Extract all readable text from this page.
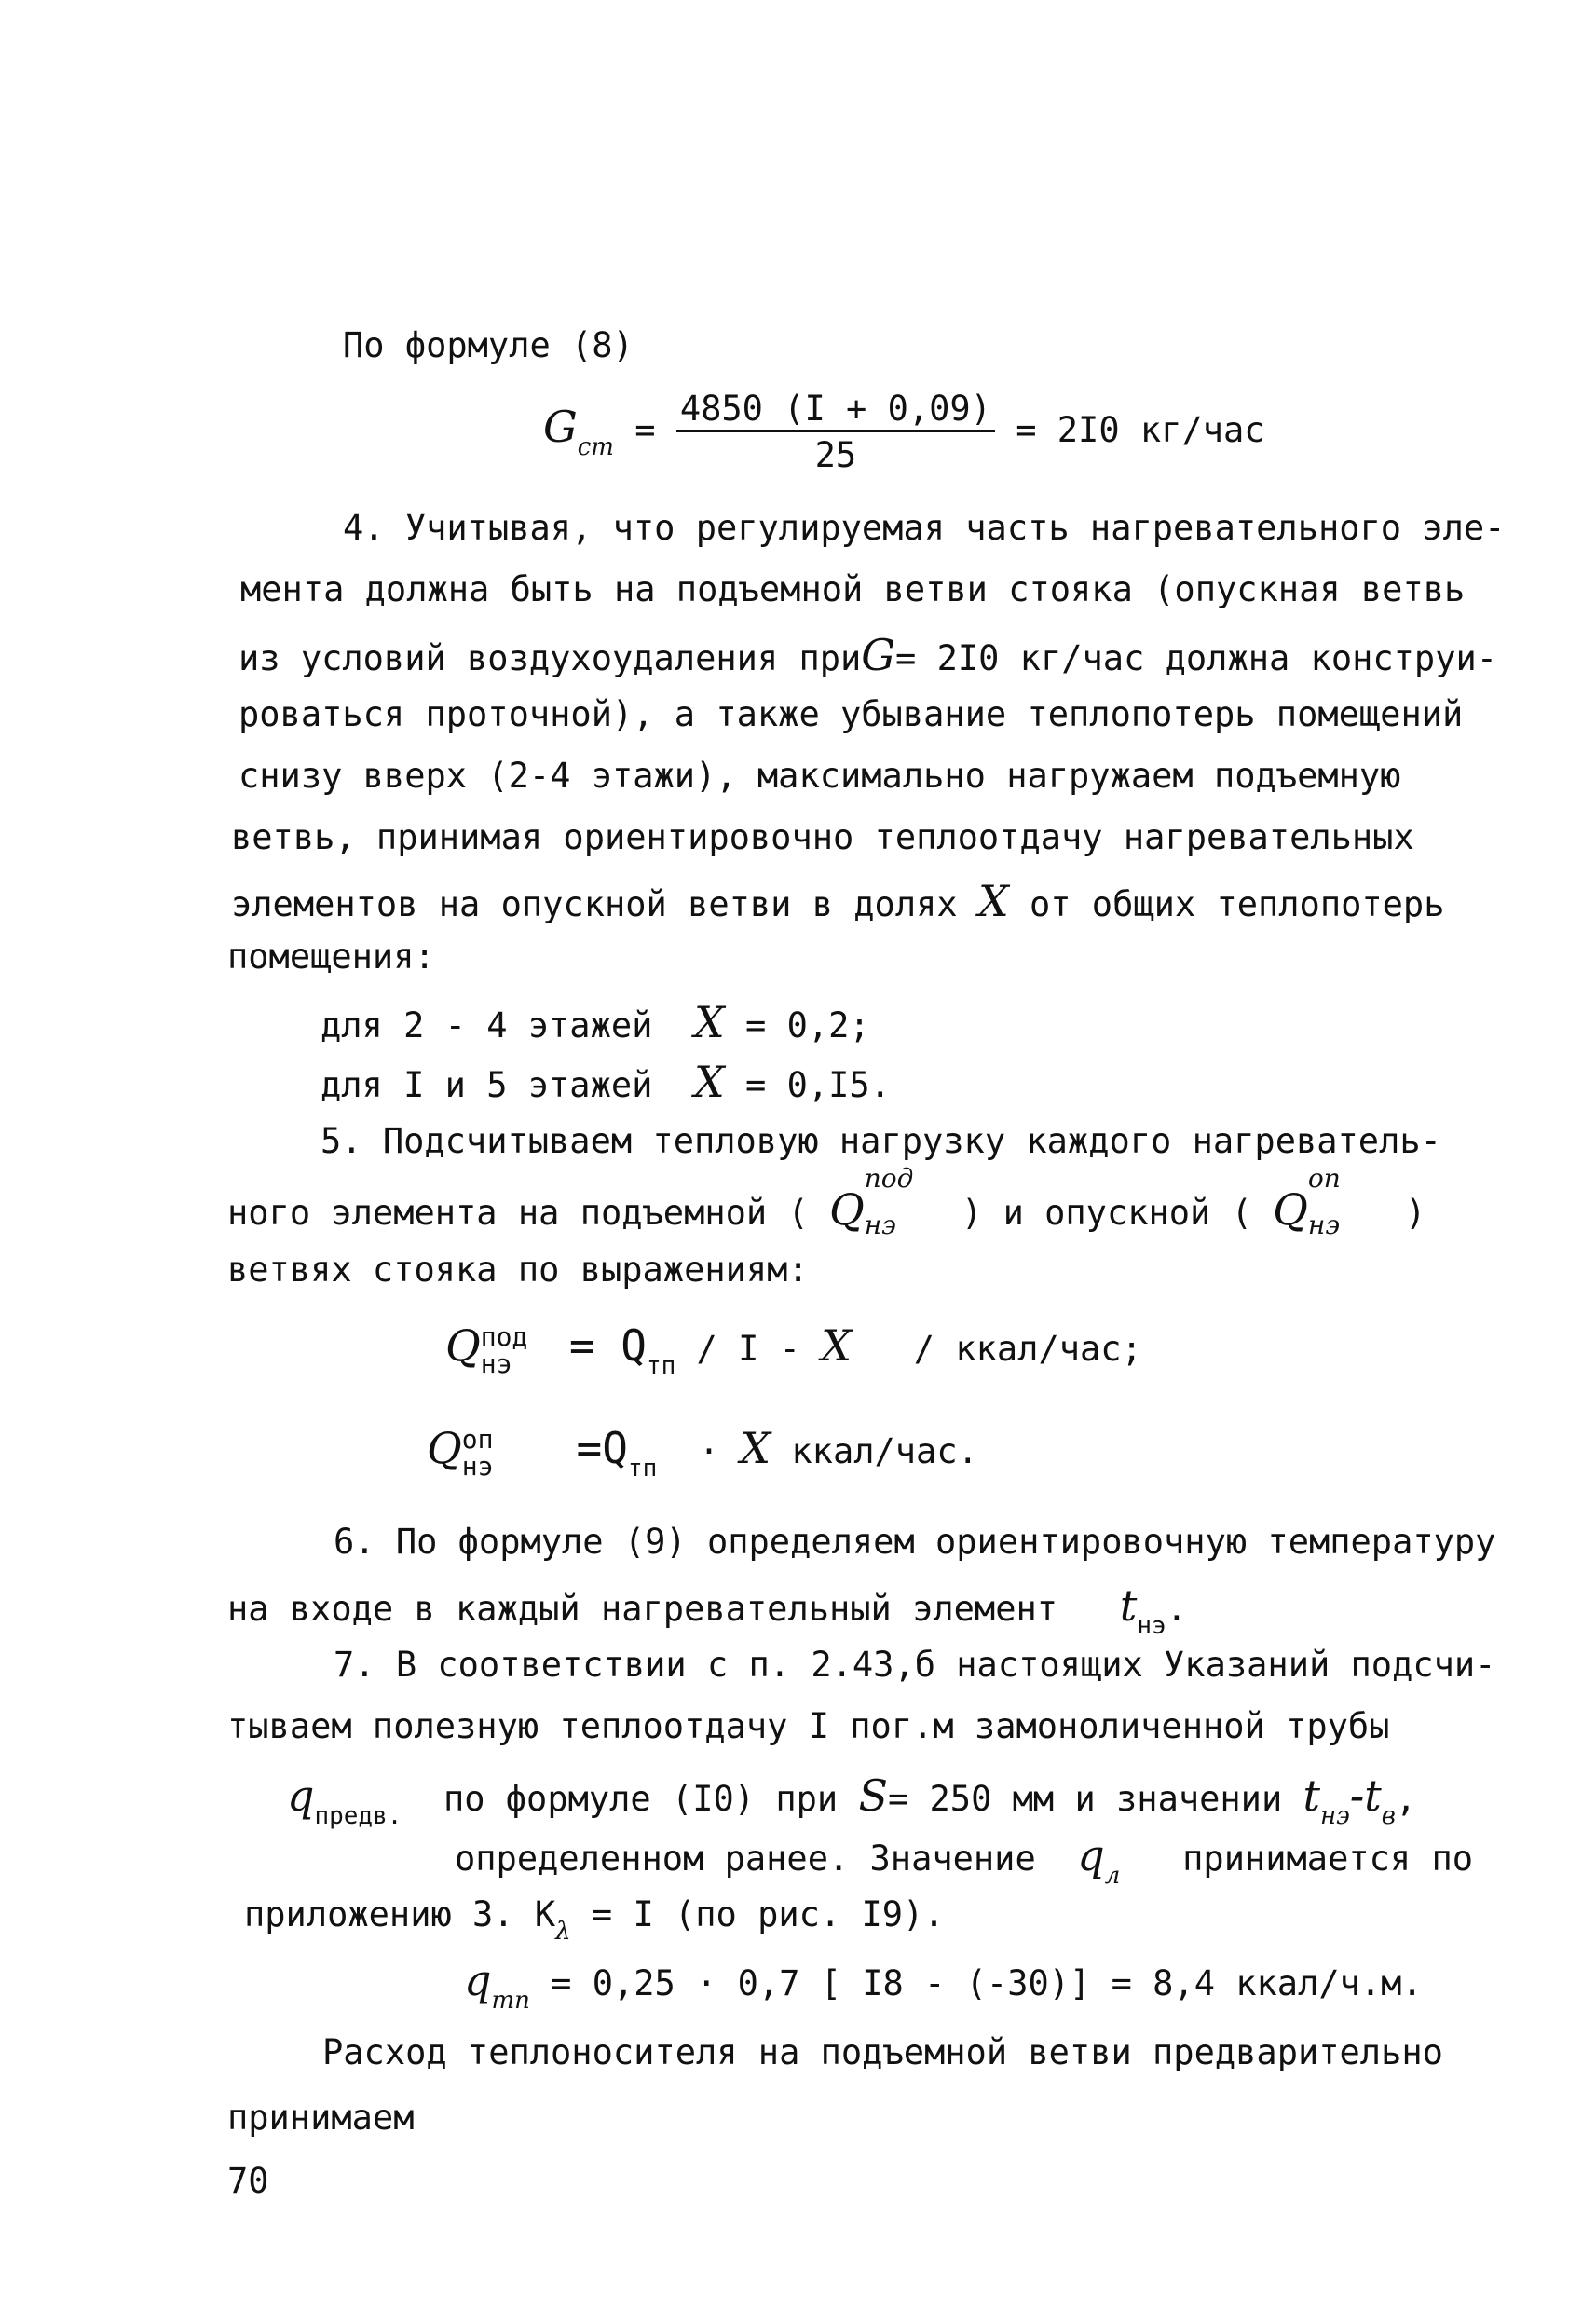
По формуле (8)
$G_{ст} = \frac{4850 (I + 0,09)}{25} = 2I0$ кг/час
4. Учитывая, что регулируемая часть нагревательного эле-
мента должна быть на подъемной ветви стояка (опускная ветвь
из условий воздухоудаления приG= 2I0 кг/час должна конструи-
роваться проточной), а также убывание теплопотерь помещений
снизу вверх (2-4 этажи), максимально нагружаем подъемную
ветвь, принимая ориентировочно теплоотдачу нагревательных
элементов на опускной ветви в долях X от общих теплопотерь
помещения:
для 2 - 4 этажей X = 0,2;
для I и 5 этажей X = 0,I5.
5. Подсчитываем тепловую нагрузку каждого нагреватель-
ного элемента на подъемной ( Q
под
нэ ) и опускной ( Q
оп
нэ )
ветвях стояка по выражениям:
Q под
нэ	= $Q_{тп}$ / I - X / ккал/час;
Q оп
нэ $=Q_{тп} \cdot X$ ккал/час.
6. По формуле (9) определяем ориентировочную температуру
на входе в каждый нагревательный элемент $t_{нэ}$.
7. В соответствии с п. 2.43,б настоящих Указаний подсчи-
тываем полезную теплоотдачу I пог.м замоноличенной трубы
$q_{предв.}$ по формуле (I0) при S= 250 мм и значении $t_{нэ}-t_в$,
определенном ранее. Значение $q_л$ принимается по
приложению 3. $К_\lambda = I$ (по рис. I9).
$q_{тп} = 0,25 \cdot 0,7$ [ I8 - (-30)] = 8,4 ккал/ч.м.
Расход теплоносителя на подъемной ветви предварительно
принимаем
70
